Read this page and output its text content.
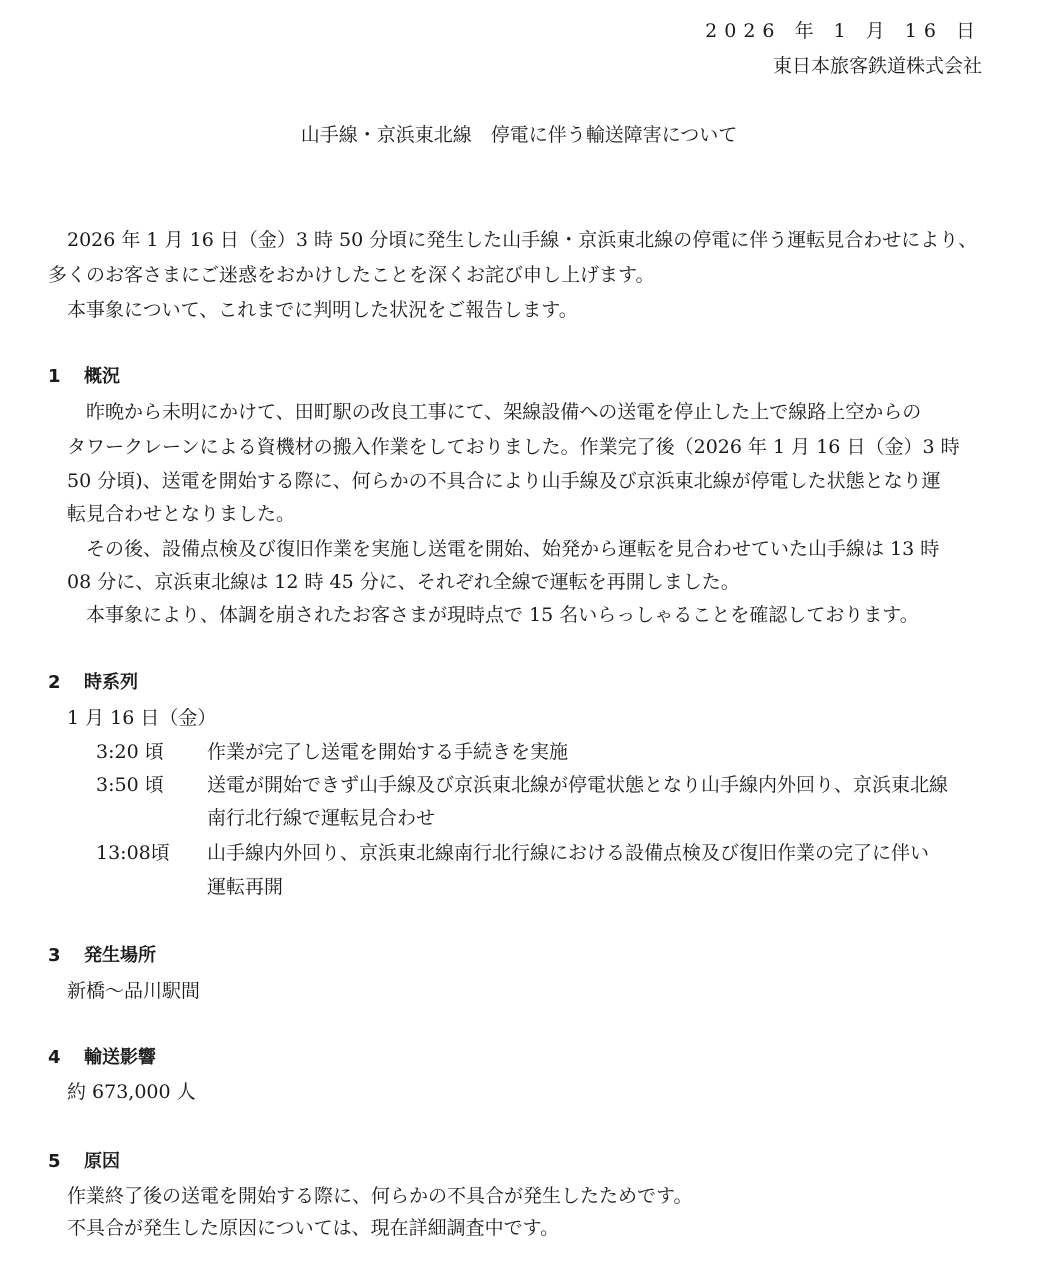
2026 年 1 月 16 日
東日本旅客鉄道株式会社
山手線・京浜東北線　停電に伴う輸送障害について
2026 年 1 月 16 日（金）3 時 50 分頃に発生した山手線・京浜東北線の停電に伴う運転見合わせにより、
多くのお客さまにご迷惑をおかけしたことを深くお詫び申し上げます。
本事象について、これまでに判明した状況をご報告します。
1 概況
昨晩から未明にかけて、田町駅の改良工事にて、架線設備への送電を停止した上で線路上空からの
タワークレーンによる資機材の搬入作業をしておりました。作業完了後（2026 年 1 月 16 日（金）3 時
50 分頃)、送電を開始する際に、何らかの不具合により山手線及び京浜東北線が停電した状態となり運
転見合わせとなりました。
その後、設備点検及び復旧作業を実施し送電を開始、始発から運転を見合わせていた山手線は 13 時
08 分に、京浜東北線は 12 時 45 分に、それぞれ全線で運転を再開しました。
本事象により、体調を崩されたお客さまが現時点で 15 名いらっしゃることを確認しております。
2 時系列
1 月 16 日（金）
3:20 頃 作業が完了し送電を開始する手続きを実施
3:50 頃 送電が開始できず山手線及び京浜東北線が停電状態となり山手線内外回り、京浜東北線
南行北行線で運転見合わせ
13:08頃 山手線内外回り、京浜東北線南行北行線における設備点検及び復旧作業の完了に伴い
運転再開
3 発生場所
新橋～品川駅間
4 輸送影響
約 673,000 人
5 原因
作業終了後の送電を開始する際に、何らかの不具合が発生したためです。
不具合が発生した原因については、現在詳細調査中です。
